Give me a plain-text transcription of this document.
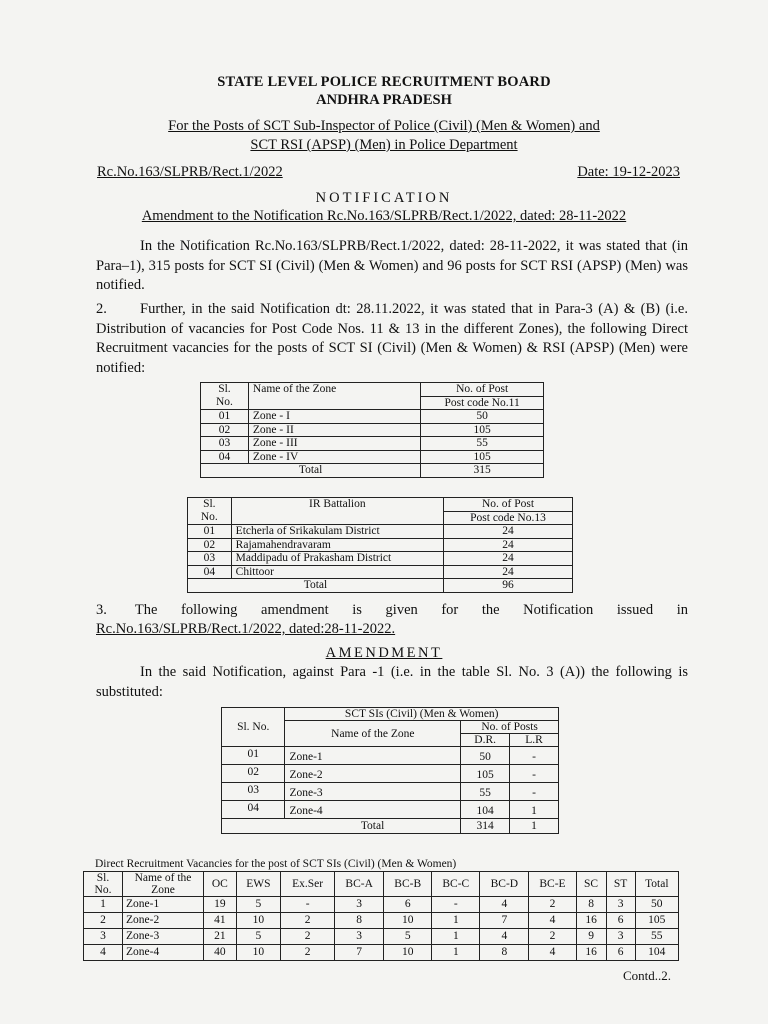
STATE LEVEL POLICE RECRUITMENT BOARD
ANDHRA PRADESH
For the Posts of SCT Sub-Inspector of Police (Civil) (Men & Women) and
SCT RSI (APSP) (Men) in Police Department
Rc.No.163/SLPRB/Rect.1/2022	Date: 19-12-2023
NOTIFICATION
Amendment to the Notification Rc.No.163/SLPRB/Rect.1/2022, dated: 28-11-2022

In the Notification Rc.No.163/SLPRB/Rect.1/2022, dated: 28-11-2022, it was stated that (in Para–1), 315 posts for SCT SI (Civil) (Men & Women) and 96 posts for SCT RSI (APSP) (Men) was notified.

2. Further, in the said Notification dt: 28.11.2022, it was stated that in Para-3 (A) & (B) (i.e. Distribution of vacancies for Post Code Nos. 11 & 13 in the different Zones), the following Direct Recruitment vacancies for the posts of SCT SI (Civil) (Men & Women) & RSI (APSP) (Men) were notified:

Sl.	Name of the Zone	No. of Post
No.		Post code No.11
01	Zone - I	50
02	Zone - II	105
03	Zone - III	55
04	Zone - IV	105
Total		315
Sl.	IR Battalion	No. of Post
No.		Post code No.13
01	Etcherla of Srikakulam District	24
02	Rajamahendravaram	24
03	Maddipadu of Prakasham District	24
04	Chittoor	24
Total		96
3. The following amendment is given for the Notification issued in
Rc.No.163/SLPRB/Rect.1/2022, dated:28-11-2022.
AMENDMENT

In the said Notification, against Para -1 (i.e. in the table Sl. No. 3 (A)) the following is substituted:

Sl. No.	SCT SIs (Civil) (Men & Women)		
	Name of the Zone	No. of Posts	
		D.R.	L.R
01	Zone-1	50	-
02	Zone-2	105	-
03	Zone-3	55	-
04	Zone-4	104	1
	Total	314	1
Direct Recruitment Vacancies for the post of SCT SIs (Civil) (Men & Women)
Sl. No.	Name of the Zone	OC	EWS	Ex.Ser	BC-A	BC-B	BC-C	BC-D	BC-E	SC	ST	Total
1	Zone-1	19	5	-	3	6	-	4	2	8	3	50
2	Zone-2	41	10	2	8	10	1	7	4	16	6	105
3	Zone-3	21	5	2	3	5	1	4	2	9	3	55
4	Zone-4	40	10	2	7	10	1	8	4	16	6	104
Contd..2.
